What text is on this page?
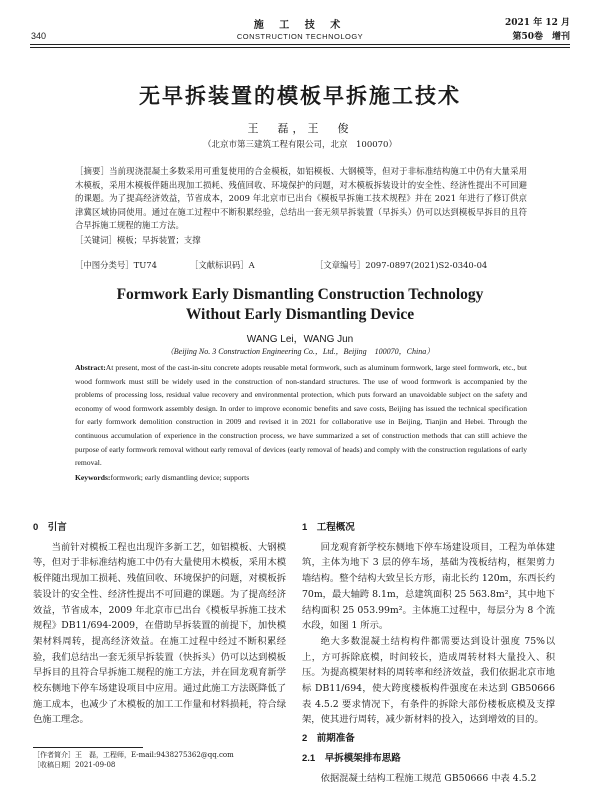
340
施 工 技 术
CONSTRUCTION TECHNOLOGY
2021 年 12 月
第50卷　增刊
无早拆装置的模板早拆施工技术
王　磊，王　俊
（北京市第三建筑工程有限公司，北京　100070）

［摘要］当前现浇混凝土多数采用可重复使用的合金模板，如铝模板、大钢模等，但对于非标准结构施工中仍有大量采用木模板，采用木模板伴随出现加工损耗、残值回收、环境保护的问题，对木模板拆装设计的安全性、经济性提出不可回避的课题。为了提高经济效益，节省成本，2009 年北京市已出台《模板早拆施工技术规程》并在 2021 年进行了修订供京津冀区域协同使用。通过在施工过程中不断积累经验，总结出一套无须早拆装置（早拆头）仍可以达到模板早拆目的且符合早拆施工规程的施工方法。

［关键词］模板；早拆装置；支撑

［中图分类号］TU74	［文献标识码］A	［文章编号］2097-0897(2021)S2-0340-04
Formwork Early Dismantling Construction Technology
Without Early Dismantling Device
WANG Lei，WANG Jun
（Beijing No. 3 Construction Engineering Co.，Ltd.，Beijing　100070，China）

Abstract:At present, most of the cast-in-situ concrete adopts reusable metal formwork, such as aluminum formwork, large steel formwork, etc., but wood formwork must still be widely used in the construction of non-standard structures. The use of wood formwork is accompanied by the problems of processing loss, residual value recovery and environmental protection, which puts forward an unavoidable subject on the safety and economy of wood formwork assembly design. In order to improve economic benefits and save costs, Beijing has issued the technical specification for early formwork demolition construction in 2009 and revised it in 2021 for collaborative use in Beijing, Tianjin and Hebei. Through the continuous accumulation of experience in the construction process, we have summarized a set of construction methods that can still achieve the purpose of early formwork removal without early removal of devices (early removal of heads) and comply with the construction regulations of early removal.

Keywords:formwork; early dismantling device; supports

0　引言

当前针对模板工程也出现许多新工艺，如铝模板、大钢模等，但对于非标准结构施工中仍有大量使用木模板，采用木模板伴随出现加工损耗、残值回收、环境保护的问题，对模板拆装设计的安全性、经济性提出不可回避的课题。为了提高经济效益，节省成本，2009 年北京市已出台《模板早拆施工技术规程》DB11/694-2009，在借助早拆装置的前提下，加快模架材料周转，提高经济效益。在施工过程中经过不断积累经验，我们总结出一套无须早拆装置（快拆头）仍可以达到模板早拆目的且符合早拆施工规程的施工方法，并在回龙观育新学校东侧地下停车场建设项目中应用。通过此施工方法既降低了施工成本，也减少了木模板的加工工作量和材料损耗，符合绿色施工理念。

1　工程概况

回龙观育新学校东侧地下停车场建设项目，工程为单体建筑，主体为地下 3 层的停车场，基础为筏板结构，框架剪力墙结构。整个结构大致呈长方形，南北长约 120m，东西长约 70m，最大轴跨 8.1m，总建筑面积 25 563.8m²，其中地下结构面积 25 053.99m²。主体施工过程中，每层分为 8 个流水段，如图 1 所示。

绝大多数混凝土结构构件都需要达到设计强度 75%以上，方可拆除底模，时间较长，造成周转材料大量投入、积压。为提高模架材料的周转率和经济效益，我们依据北京市地标 DB11/694，使大跨度楼板构件强度在未达到 GB50666 表 4.5.2 要求情况下，有条件的拆除大部份楼板底模及支撑架，使其进行周转，减少新材料的投入，达到增效的目的。

2　前期准备
2.1　早拆模架排布思路

依据混凝土结构工程施工规范 GB50666 中表 4.5.2

［作者简介］王　磊，工程师，E-mail:9438275362@qq.com
［收稿日期］2021-09-08
